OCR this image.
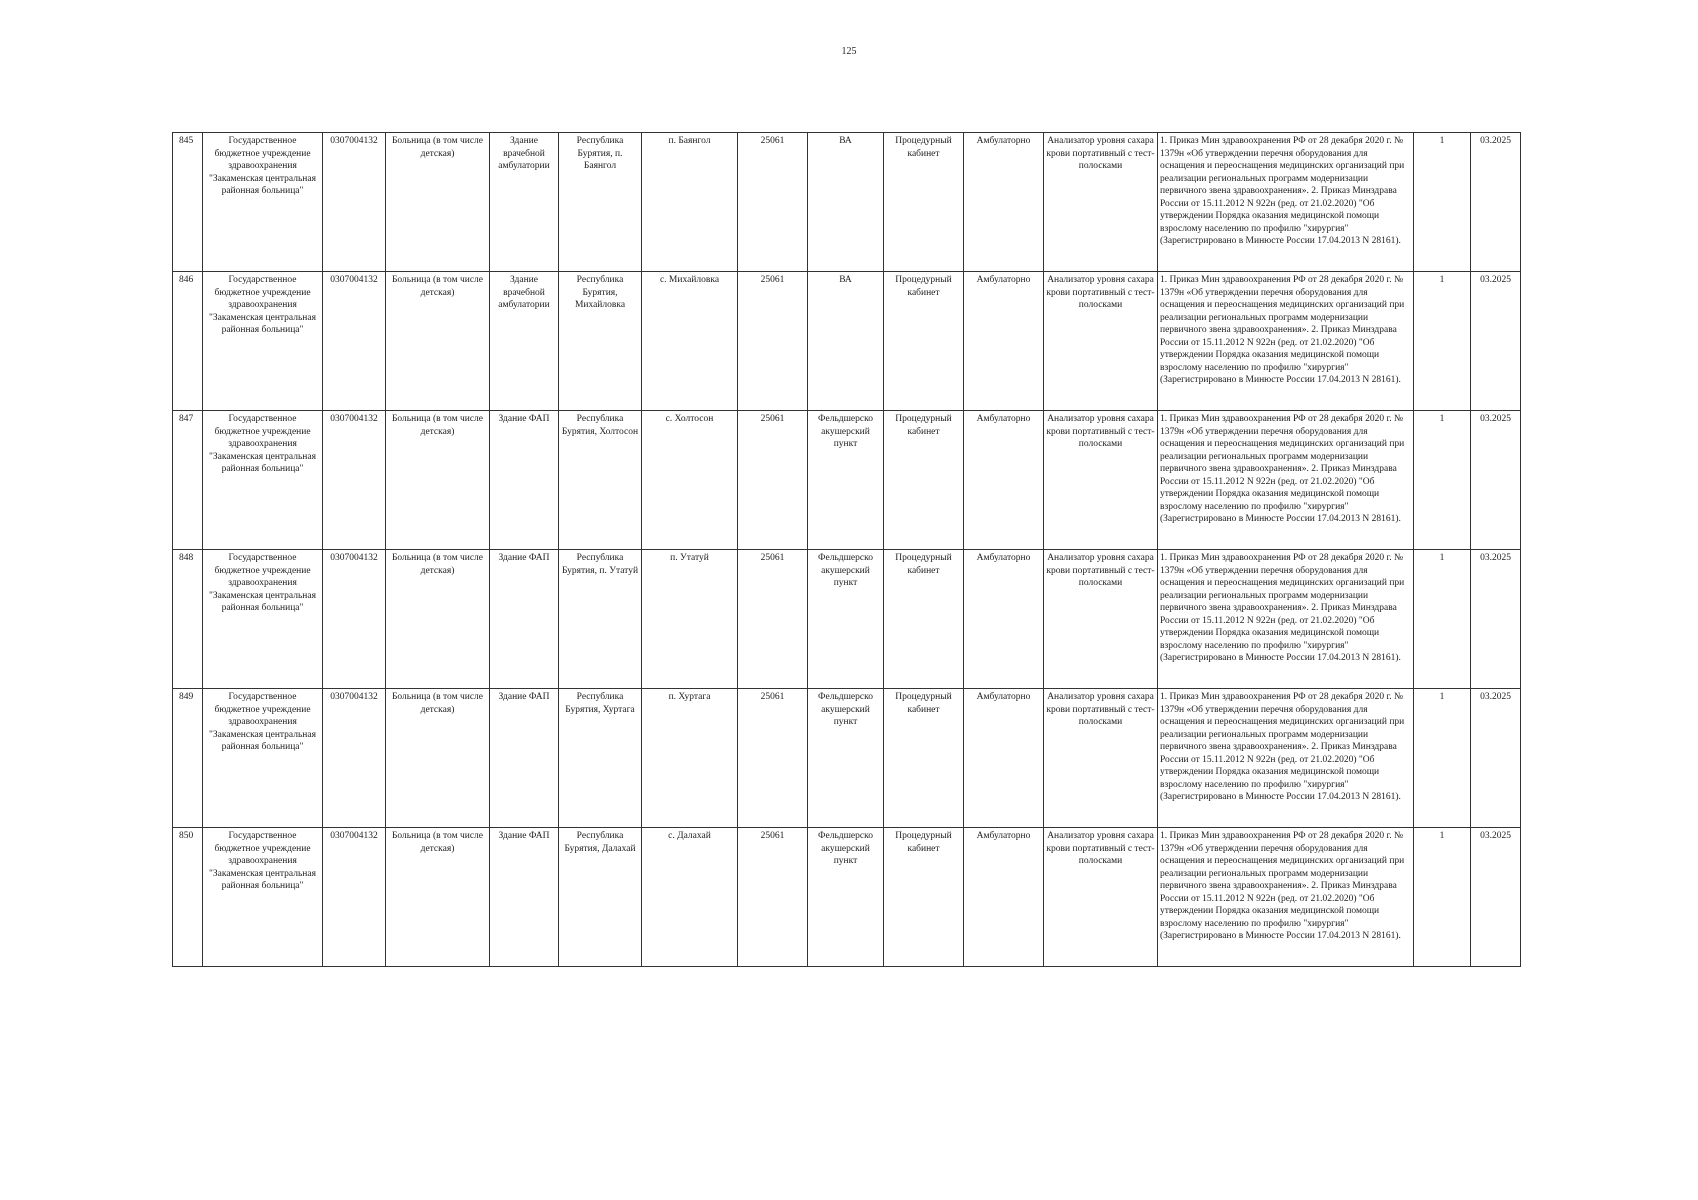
125
845	Государственное бюджетное учреждение здравоохранения "Закаменская центральная районная больница"	0307004132	Больница (в том числе детская)	Здание врачебной амбулатории	Республика Бурятия, п. Баянгол	п. Баянгол	25061	ВА	Процедурный кабинет	Амбулаторно	Анализатор уровня сахара крови портативный с тест-полосками	1. Приказ Мин здравоохранения РФ от 28 декабря 2020 г. № 1379н «Об утверждении перечня оборудования для оснащения и переоснащения медицинских организаций при реализации региональных программ модернизации первичного звена здравоохранения». 2. Приказ Минздрава России от 15.11.2012 N 922н (ред. от 21.02.2020) "Об утверждении Порядка оказания медицинской помощи взрослому населению по профилю "хирургия" (Зарегистрировано в Минюсте России 17.04.2013 N 28161).	1	03.2025
846	Государственное бюджетное учреждение здравоохранения "Закаменская центральная районная больница"	0307004132	Больница (в том числе детская)	Здание врачебной амбулатории	Республика Бурятия, Михайловка	с. Михайловка	25061	ВА	Процедурный кабинет	Амбулаторно	Анализатор уровня сахара крови портативный с тест-полосками	1. Приказ Мин здравоохранения РФ от 28 декабря 2020 г. № 1379н «Об утверждении перечня оборудования для оснащения и переоснащения медицинских организаций при реализации региональных программ модернизации первичного звена здравоохранения». 2. Приказ Минздрава России от 15.11.2012 N 922н (ред. от 21.02.2020) "Об утверждении Порядка оказания медицинской помощи взрослому населению по профилю "хирургия" (Зарегистрировано в Минюсте России 17.04.2013 N 28161).	1	03.2025
847	Государственное бюджетное учреждение здравоохранения "Закаменская центральная районная больница"	0307004132	Больница (в том числе детская)	Здание ФАП	Республика Бурятия, Холтосон	с. Холтосон	25061	Фельдшерско акушерский пункт	Процедурный кабинет	Амбулаторно	Анализатор уровня сахара крови портативный с тест-полосками	1. Приказ Мин здравоохранения РФ от 28 декабря 2020 г. № 1379н «Об утверждении перечня оборудования для оснащения и переоснащения медицинских организаций при реализации региональных программ модернизации первичного звена здравоохранения». 2. Приказ Минздрава России от 15.11.2012 N 922н (ред. от 21.02.2020) "Об утверждении Порядка оказания медицинской помощи взрослому населению по профилю "хирургия" (Зарегистрировано в Минюсте России 17.04.2013 N 28161).	1	03.2025
848	Государственное бюджетное учреждение здравоохранения "Закаменская центральная районная больница"	0307004132	Больница (в том числе детская)	Здание ФАП	Республика Бурятия, п. Утатуй	п. Утатуй	25061	Фельдшерско акушерский пункт	Процедурный кабинет	Амбулаторно	Анализатор уровня сахара крови портативный с тест-полосками	1. Приказ Мин здравоохранения РФ от 28 декабря 2020 г. № 1379н «Об утверждении перечня оборудования для оснащения и переоснащения медицинских организаций при реализации региональных программ модернизации первичного звена здравоохранения». 2. Приказ Минздрава России от 15.11.2012 N 922н (ред. от 21.02.2020) "Об утверждении Порядка оказания медицинской помощи взрослому населению по профилю "хирургия" (Зарегистрировано в Минюсте России 17.04.2013 N 28161).	1	03.2025
849	Государственное бюджетное учреждение здравоохранения "Закаменская центральная районная больница"	0307004132	Больница (в том числе детская)	Здание ФАП	Республика Бурятия, Хуртага	п. Хуртага	25061	Фельдшерско акушерский пункт	Процедурный кабинет	Амбулаторно	Анализатор уровня сахара крови портативный с тест-полосками	1. Приказ Мин здравоохранения РФ от 28 декабря 2020 г. № 1379н «Об утверждении перечня оборудования для оснащения и переоснащения медицинских организаций при реализации региональных программ модернизации первичного звена здравоохранения». 2. Приказ Минздрава России от 15.11.2012 N 922н (ред. от 21.02.2020) "Об утверждении Порядка оказания медицинской помощи взрослому населению по профилю "хирургия" (Зарегистрировано в Минюсте России 17.04.2013 N 28161).	1	03.2025
850	Государственное бюджетное учреждение здравоохранения "Закаменская центральная районная больница"	0307004132	Больница (в том числе детская)	Здание ФАП	Республика Бурятия, Далахай	с. Далахай	25061	Фельдшерско акушерский пункт	Процедурный кабинет	Амбулаторно	Анализатор уровня сахара крови портативный с тест-полосками	1. Приказ Мин здравоохранения РФ от 28 декабря 2020 г. № 1379н «Об утверждении перечня оборудования для оснащения и переоснащения медицинских организаций при реализации региональных программ модернизации первичного звена здравоохранения». 2. Приказ Минздрава России от 15.11.2012 N 922н (ред. от 21.02.2020) "Об утверждении Порядка оказания медицинской помощи взрослому населению по профилю "хирургия" (Зарегистрировано в Минюсте России 17.04.2013 N 28161).	1	03.2025
